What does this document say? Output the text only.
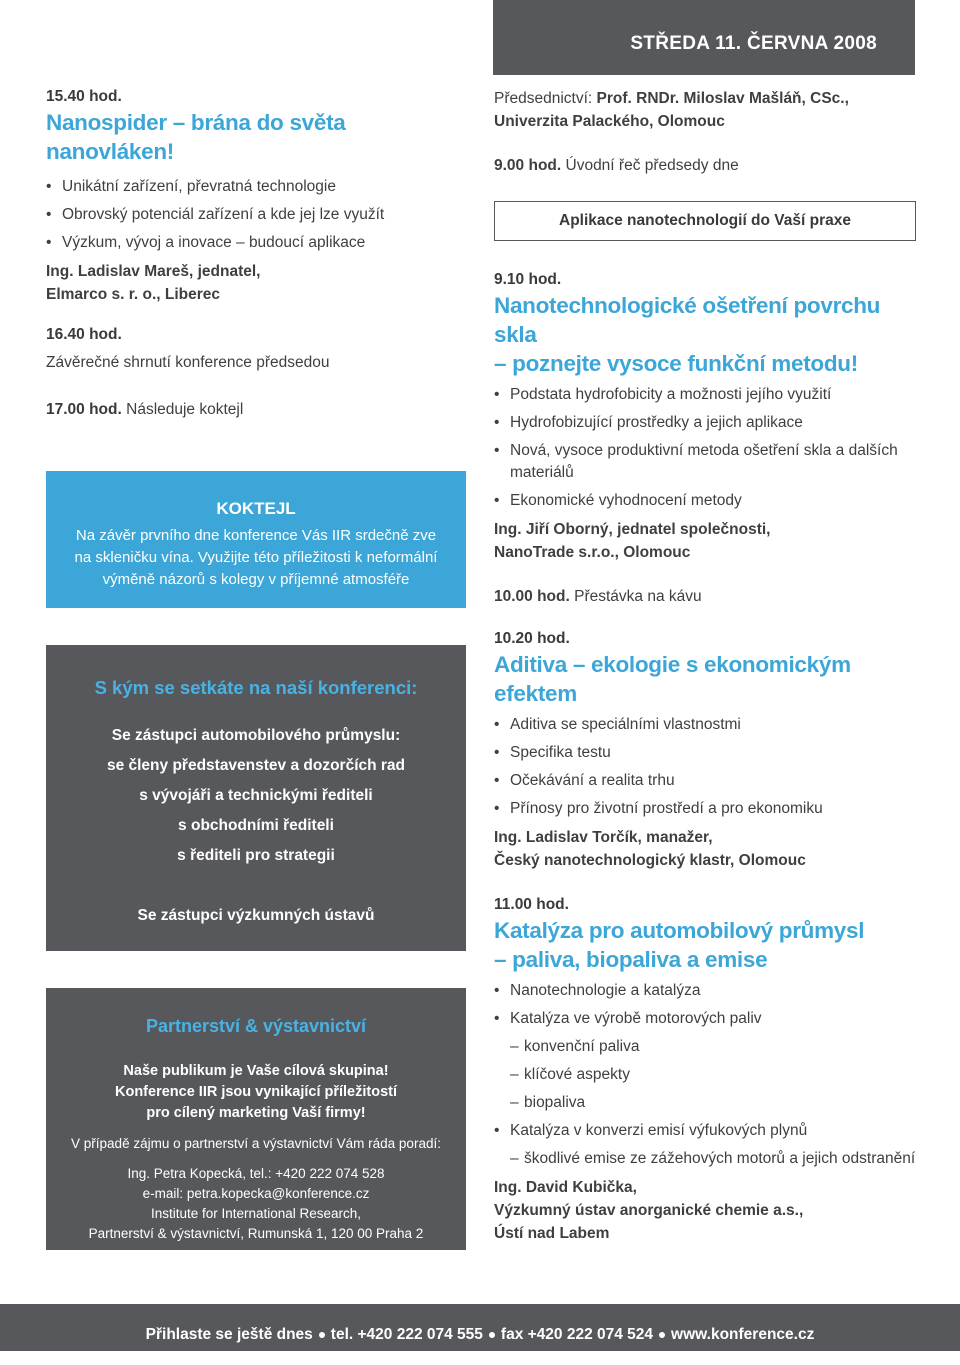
STŘEDA 11. ČERVNA 2008

15.40 hod.

Nanospider – brána do světa
nanovláken!
• Unikátní zařízení, převratná technologie
• Obrovský potenciál zařízení a kde jej lze využít
• Výzkum, vývoj a inovace – budoucí aplikace
Ing. Ladislav Mareš, jednatel,
Elmarco s. r. o., Liberec

16.40 hod.

Závěrečné shrnutí konference předsedou
17.00 hod. Následuje koktejl
KOKTEJL
Na závěr prvního dne konference Vás IIR srdečně zve
na skleničku vína. Využijte této příležitosti k neformální
výměně názorů s kolegy v příjemné atmosféře
S kým se setkáte na naší konferenci:
Se zástupci automobilového průmyslu:
se členy představenstev a dozorčích rad
s vývojáři a technickými řediteli
s obchodními řediteli
s řediteli pro strategii
Se zástupci výzkumných ústavů
Partnerství & výstavnictví
Naše publikum je Vaše cílová skupina!
Konference IIR jsou vynikající příležitostí
pro cílený marketing Vaší firmy!
V případě zájmu o partnerství a výstavnictví Vám ráda poradí:
Ing. Petra Kopecká, tel.: +420 222 074 528
e-mail: petra.kopecka@konference.cz
Institute for International Research,
Partnerství & výstavnictví, Rumunská 1, 120 00 Praha 2
Předsednictví: Prof. RNDr. Miloslav Mašláň, CSc.,
Univerzita Palackého, Olomouc
9.00 hod. Úvodní řeč předsedy dne
Aplikace nanotechnologií do Vaší praxe

9.10 hod.

Nanotechnologické ošetření povrchu skla
– poznejte vysoce funkční metodu!
• Podstata hydrofobicity a možnosti jejího využití
• Hydrofobizující prostředky a jejich aplikace
• Nová, vysoce produktivní metoda ošetření skla a dalších materiálů
• Ekonomické vyhodnocení metody
Ing. Jiří Oborný, jednatel společnosti,
NanoTrade s.r.o., Olomouc
10.00 hod. Přestávka na kávu

10.20 hod.

Aditiva – ekologie s ekonomickým
efektem
• Aditiva se speciálními vlastnostmi
• Specifika testu
• Očekávání a realita trhu
• Přínosy pro životní prostředí a pro ekonomiku
Ing. Ladislav Torčík, manažer,
Český nanotechnologický klastr, Olomouc

11.00 hod.

Katalýza pro automobilový průmysl
– paliva, biopaliva a emise
• Nanotechnologie a katalýza
• Katalýza ve výrobě motorových paliv
– konvenční paliva
– klíčové aspekty
– biopaliva
• Katalýza v konverzi emisí výfukových plynů
– škodlivé emise ze zážehových motorů a jejich odstranění
Ing. David Kubička,
Výzkumný ústav anorganické chemie a.s.,
Ústí nad Labem
Přihlaste se ještě dnes tel. +420 222 074 555 fax +420 222 074 524 www.konference.cz
